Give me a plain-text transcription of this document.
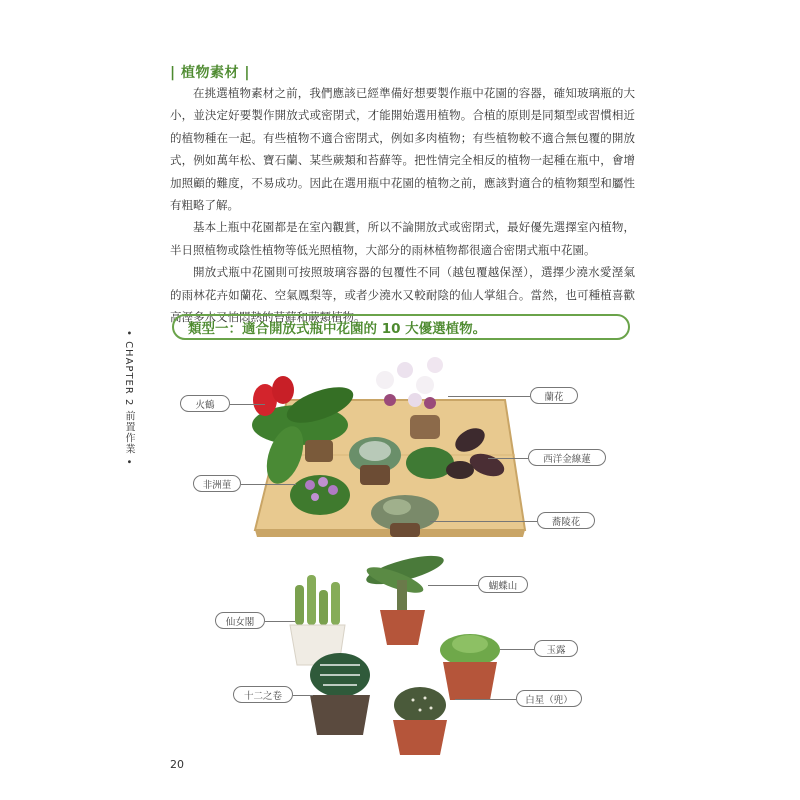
| 植物素材 |

在挑選植物素材之前，我們應該已經準備好想要製作瓶中花園的容器，確知玻璃瓶的大小，並決定好要製作開放式或密閉式，才能開始選用植物。合植的原則是同類型或習慣相近的植物種在一起。有些植物不適合密閉式，例如多肉植物；有些植物較不適合無包覆的開放式，例如萬年松、寶石蘭、某些蕨類和苔蘚等。把性情完全相反的植物一起種在瓶中，會增加照顧的難度，不易成功。因此在選用瓶中花園的植物之前，應該對適合的植物類型和屬性有粗略了解。

基本上瓶中花園都是在室內觀賞，所以不論開放式或密閉式，最好優先選擇室內植物，半日照植物或陰性植物等低光照植物，大部分的雨林植物都很適合密閉式瓶中花園。

開放式瓶中花園則可按照玻璃容器的包覆性不同（越包覆越保溼），選擇少澆水愛溼氣的雨林花卉如蘭花、空氣鳳梨等，或者少澆水又較耐陰的仙人掌組合。當然，也可種植喜歡高溼多水又怕悶熱的苔蘚和蕨類植物。

• CHAPTER 2 前置作業 •
類型一：適合開放式瓶中花園的 10 大優選植物。
火鶴
蘭花
非洲菫
西洋金線蓮
蕎陵花
蝴蝶山
仙女閣
玉露
十二之卷	白星（兜）
20
